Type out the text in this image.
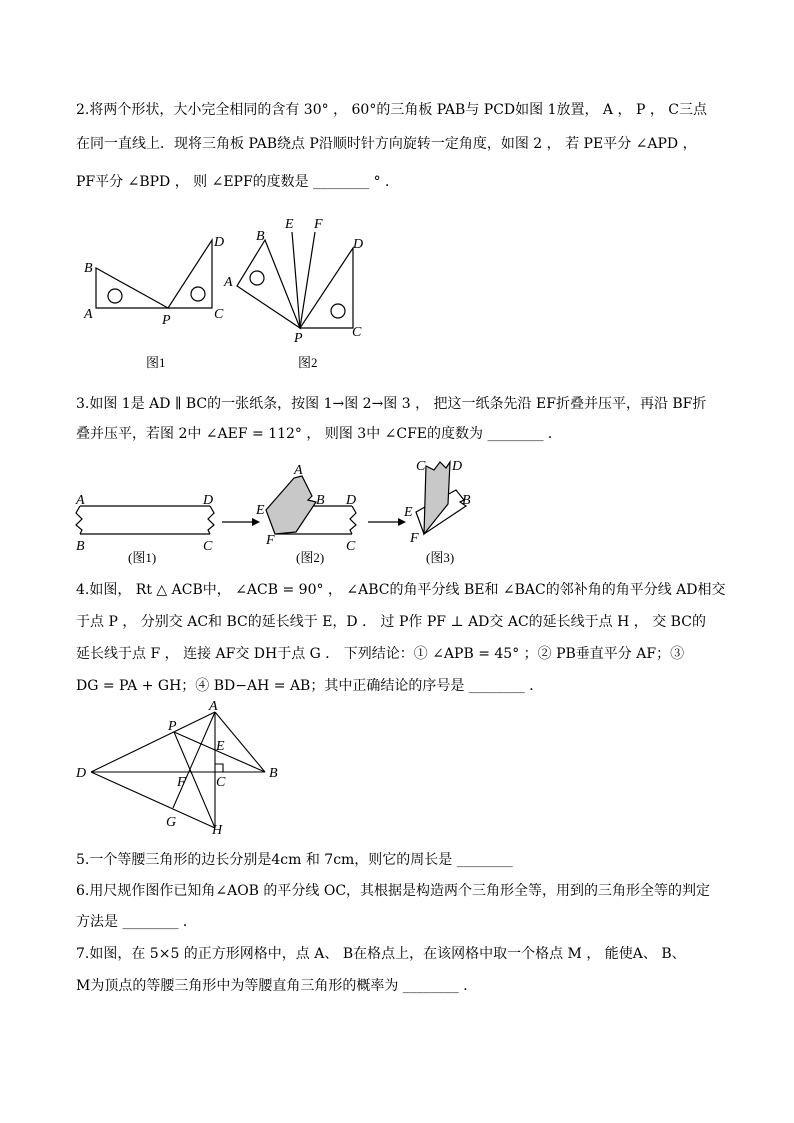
2.将两个形状，大小完全相同的含有 30° ， 60°的三角板 PAB与 PCD如图 1放置， A ， P ， C三点
在同一直线上．现将三角板 PAB绕点 P沿顺时针方向旋转一定角度，如图 2 ， 若 PE平分 ∠APD ，
PF平分 ∠BPD ， 则 ∠EPF的度数是 ________ ° ．
B
A	P	C
D
图1
B
E F
D
A
P	C
图2
3.如图 1是 AD ∥ BC的一张纸条，按图 1→图 2→图 3 ， 把这一纸条先沿 EF折叠并压平，再沿 BF折
叠并压平，若图 2中 ∠AEF = 112° ， 则图 3中 ∠CFE的度数为 ________ ．
A	D
B	C
(图1)
A
B D
E
F	C
(图2)
C D
B
E
F
(图3)
4.如图， Rt △ ACB中， ∠ACB = 90° ， ∠ABC的角平分线 BE和 ∠BAC的邻补角的角平分线 AD相交
于点 P ， 分别交 AC和 BC的延长线于 E，D ． 过 P作 PF ⊥ AD交 AC的延长线于点 H ， 交 BC的
延长线于点 F ， 连接 AF交 DH于点 G ． 下列结论：① ∠APB = 45° ；② PB垂直平分 AF；③
DG = PA + GH；④ BD−AH = AB；其中正确结论的序号是 ________ ．
A
P
E
D
F C
B
G
H
5.一个等腰三角形的边长分别是4cm 和 7cm，则它的周长是 ________
6.用尺规作图作已知角∠AOB 的平分线 OC，其根据是构造两个三角形全等，用到的三角形全等的判定
方法是 ________ ．
7.如图，在 5×5 的正方形网格中，点 A、 B在格点上，在该网格中取一个格点 M ， 能使A、 B、
M为顶点的等腰三角形中为等腰直角三角形的概率为 ________ ．
